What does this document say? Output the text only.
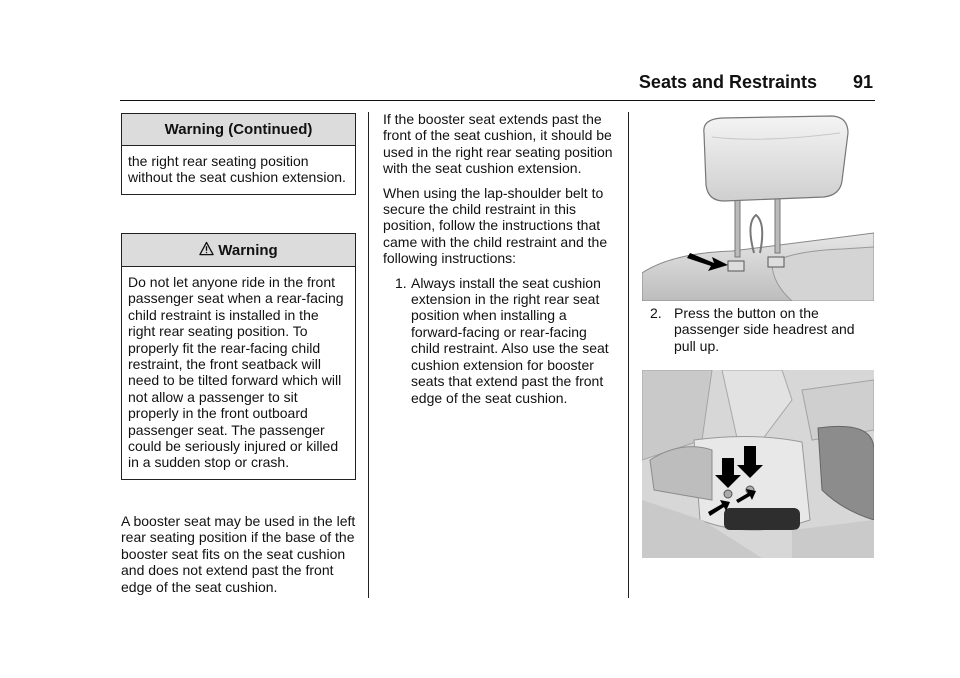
Seats and Restraints 91
Warning (Continued)
the right rear seating position without the seat cushion extension.
Warning
Do not let anyone ride in the front passenger seat when a rear-facing child restraint is installed in the right rear seating position. To properly fit the rear-facing child restraint, the front seatback will need to be tilted forward which will not allow a passenger to sit properly in the front outboard passenger seat. The passenger could be seriously injured or killed in a sudden stop or crash.
A booster seat may be used in the left rear seating position if the base of the booster seat fits on the seat cushion and does not extend past the front edge of the seat cushion.

If the booster seat extends past the front of the seat cushion, it should be used in the right rear seating position with the seat cushion extension.

When using the lap-shoulder belt to secure the child restraint in this position, follow the instructions that came with the child restraint and the following instructions:

1. Always install the seat cushion extension in the right rear seat position when installing a forward-facing or rear-facing child restraint. Also use the seat cushion extension for booster seats that extend past the front edge of the seat cushion.
2. Press the button on the passenger side headrest and pull up.
